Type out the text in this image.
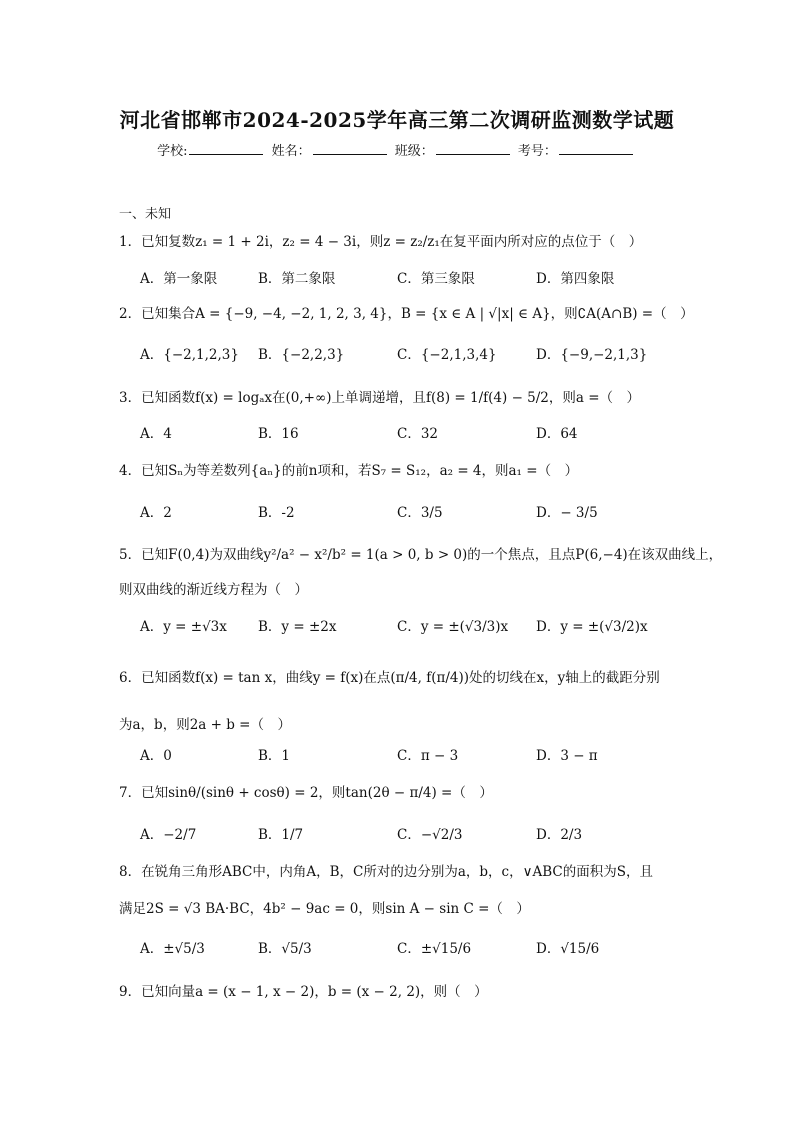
河北省邯郸市2024-2025学年高三第二次调研监测数学试题
学校:	姓名：	班级：	考号：
一、未知
1．已知复数z₁ = 1 + 2i，z₂ = 4 − 3i，则z = z₂/z₁在复平面内所对应的点位于（　）
A．第一象限	B．第二象限	C．第三象限	D．第四象限
2．已知集合A = {−9, −4, −2, 1, 2, 3, 4}，B = {x ∈ A | √|x| ∈ A}，则∁A(A∩B) =（　）
A．{−2,1,2,3} B．{−2,2,3}	C．{−2,1,3,4}	D．{−9,−2,1,3}
3．已知函数f(x) = logₐx在(0,+∞)上单调递增，且f(8) = 1/f(4) − 5/2，则a =（　）
A．4	B．16	C．32	D．64
4．已知Sₙ为等差数列{aₙ}的前n项和，若S₇ = S₁₂，a₂ = 4，则a₁ =（　）
A．2	B．-2	C．3/5	D．− 3/5
5．已知F(0,4)为双曲线y²/a² − x²/b² = 1(a > 0, b > 0)的一个焦点，且点P(6,−4)在该双曲线上，
则双曲线的渐近线方程为（　）
A．y = ±√3x B．y = ±2x	C．y = ±(√3/3)x D．y = ±(√3/2)x
6．已知函数f(x) = tan x，曲线y = f(x)在点(π/4, f(π/4))处的切线在x，y轴上的截距分别
为a，b，则2a + b =（　）
A．0	B．1	C．π − 3	D．3 − π
7．已知sinθ/(sinθ + cosθ) = 2，则tan(2θ − π/4) =（　）
A．−2/7	B．1/7	C．−√2/3	D．2/3
8．在锐角三角形ABC中，内角A，B，C所对的边分别为a，b，c，∨ABC的面积为S，且
满足2S = √3 BA·BC，4b² − 9ac = 0，则sin A − sin C =（　）
A．±√5/3	B．√5/3	C．±√15/6	D．√15/6
9．已知向量a = (x − 1, x − 2)，b = (x − 2, 2)，则（　）
